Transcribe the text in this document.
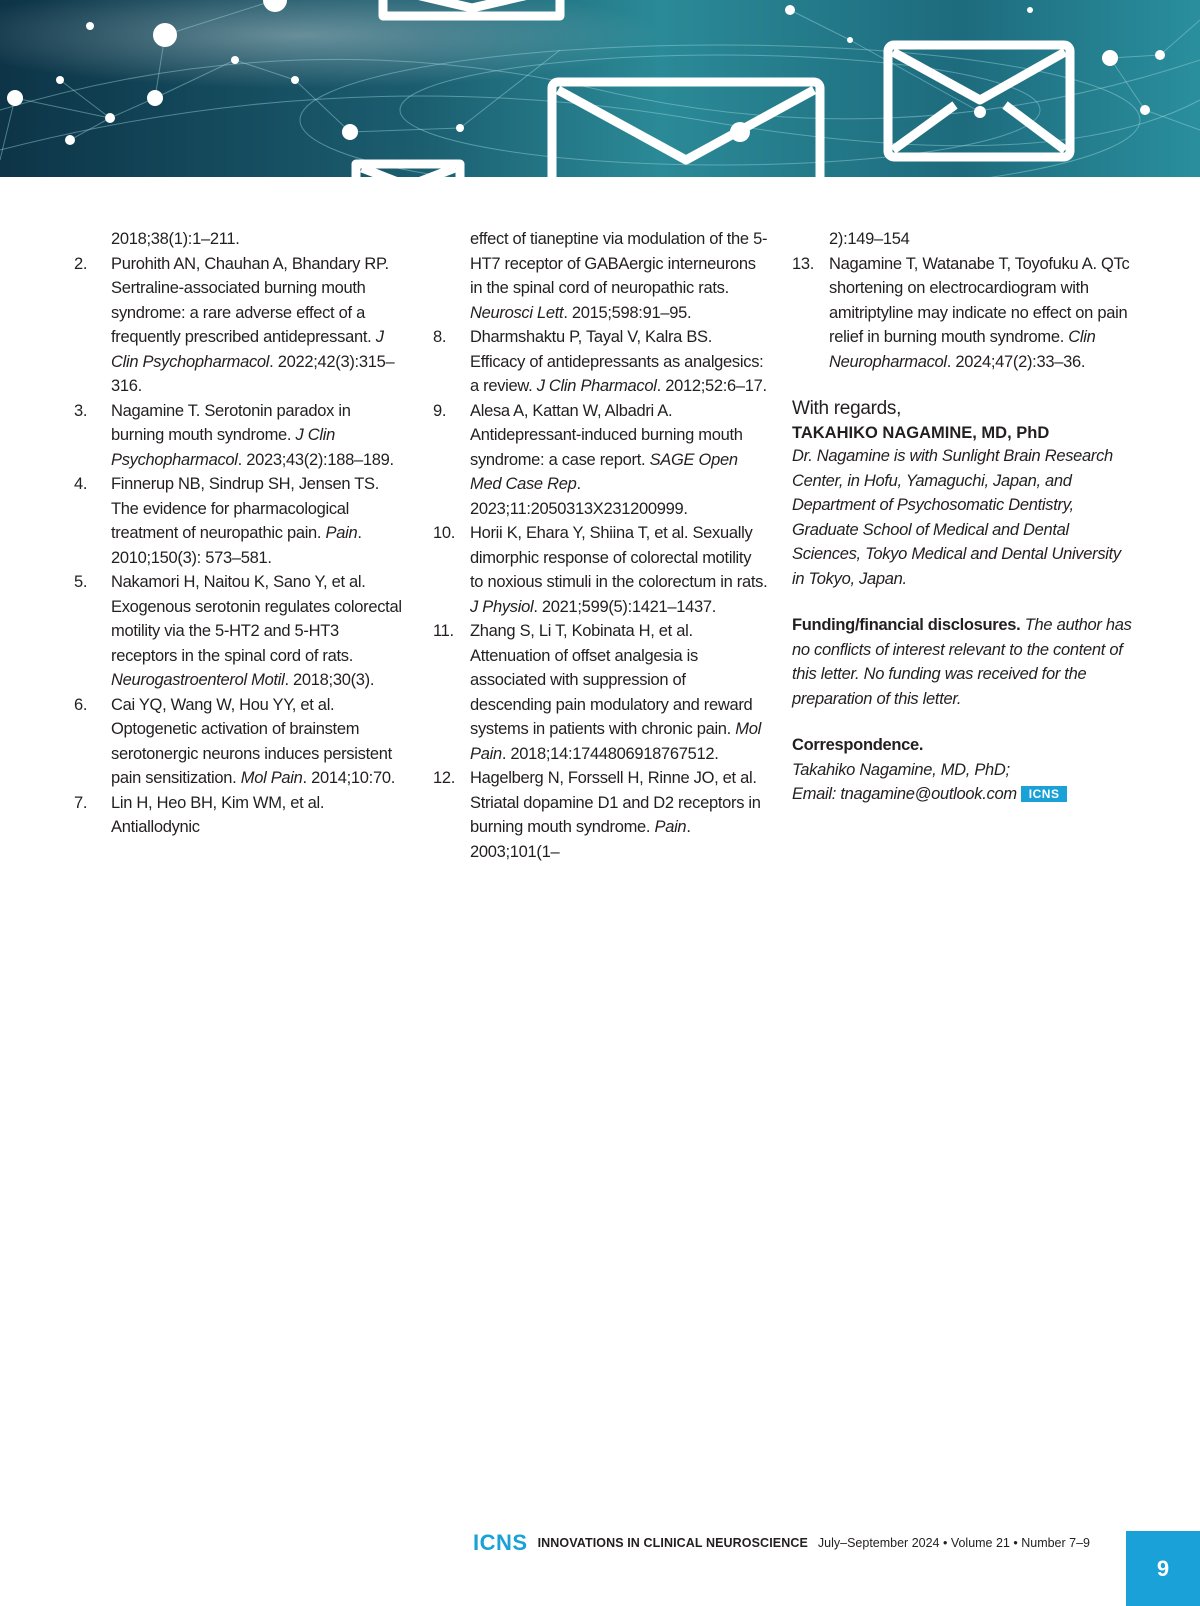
2018;38(1):1–211.
2.	Purohith AN, Chauhan A, Bhandary RP. Sertraline-associated burning mouth syndrome: a rare adverse effect of a frequently prescribed antidepressant. J Clin Psychopharmacol. 2022;42(3):315–316.
3.	Nagamine T. Serotonin paradox in burning mouth syndrome. J Clin Psychopharmacol. 2023;43(2):188–189.
4.	Finnerup NB, Sindrup SH, Jensen TS. The evidence for pharmacological treatment of neuropathic pain. Pain. 2010;150(3): 573–581.
5.	Nakamori H, Naitou K, Sano Y, et al. Exogenous serotonin regulates colorectal motility via the 5-HT2 and 5-HT3 receptors in the spinal cord of rats. Neurogastroenterol Motil. 2018;30(3).
6.	Cai YQ, Wang W, Hou YY, et al. Optogenetic activation of brainstem serotonergic neurons induces persistent pain sensitization. Mol Pain. 2014;10:70.
7.	Lin H, Heo BH, Kim WM, et al. Antiallodynic
effect of tianeptine via modulation of the 5-HT7 receptor of GABAergic interneurons in the spinal cord of neuropathic rats. Neurosci Lett. 2015;598:91–95.
8.	Dharmshaktu P, Tayal V, Kalra BS. Efficacy of antidepressants as analgesics: a review. J Clin Pharmacol. 2012;52:6–17.
9.	Alesa A, Kattan W, Albadri A. Antidepressant-induced burning mouth syndrome: a case report. SAGE Open Med Case Rep. 2023;11:2050313X231200999.
10. Horii K, Ehara Y, Shiina T, et al. Sexually dimorphic response of colorectal motility to noxious stimuli in the colorectum in rats. J Physiol. 2021;599(5):1421–1437.
11. Zhang S, Li T, Kobinata H, et al. Attenuation of offset analgesia is associated with suppression of descending pain modulatory and reward systems in patients with chronic pain. Mol Pain. 2018;14:1744806918767512.
12. Hagelberg N, Forssell H, Rinne JO, et al. Striatal dopamine D1 and D2 receptors in burning mouth syndrome. Pain. 2003;101(1–
2):149–154
13. Nagamine T, Watanabe T, Toyofuku A. QTc shortening on electrocardiogram with amitriptyline may indicate no effect on pain relief in burning mouth syndrome. Clin Neuropharmacol. 2024;47(2):33–36.
With regards,
TAKAHIKO NAGAMINE, MD, PhD
Dr. Nagamine is with Sunlight Brain Research Center, in Hofu, Yamaguchi, Japan, and Department of Psychosomatic Dentistry, Graduate School of Medical and Dental Sciences, Tokyo Medical and Dental University in Tokyo, Japan.
Funding/financial disclosures. The author has no conflicts of interest relevant to the content of this letter. No funding was received for the preparation of this letter.
Correspondence.
Takahiko Nagamine, MD, PhD;
Email: tnagamine@outlook.com ICNS
ICNS INNOVATIONS IN CLINICAL NEUROSCIENCE July–September 2024 • Volume 21 • Number 7–9
9
